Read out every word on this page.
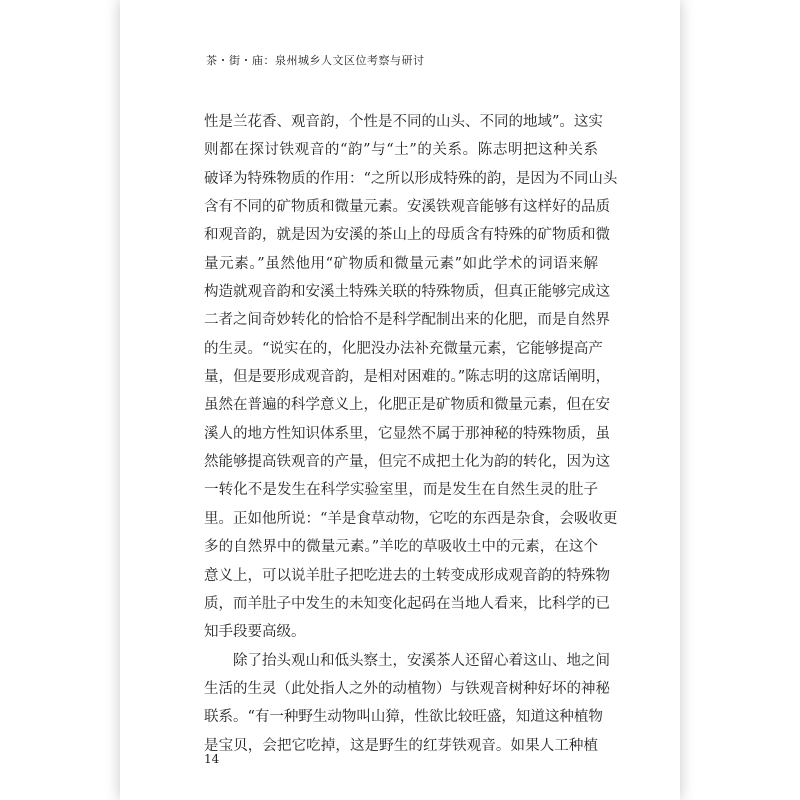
茶・街・庙：泉州城乡人文区位考察与研讨
性是兰花香、观音韵，个性是不同的山头、不同的地域”。这实
则都在探讨铁观音的“韵”与“土”的关系。陈志明把这种关系
破译为特殊物质的作用：“之所以形成特殊的韵，是因为不同山头
含有不同的矿物质和微量元素。安溪铁观音能够有这样好的品质
和观音韵，就是因为安溪的茶山上的母质含有特殊的矿物质和微
量元素。”虽然他用“矿物质和微量元素”如此学术的词语来解
构造就观音韵和安溪土特殊关联的特殊物质，但真正能够完成这
二者之间奇妙转化的恰恰不是科学配制出来的化肥，而是自然界
的生灵。“说实在的，化肥没办法补充微量元素，它能够提高产
量，但是要形成观音韵，是相对困难的。”陈志明的这席话阐明，
虽然在普遍的科学意义上，化肥正是矿物质和微量元素，但在安
溪人的地方性知识体系里，它显然不属于那神秘的特殊物质，虽
然能够提高铁观音的产量，但完不成把土化为韵的转化，因为这
一转化不是发生在科学实验室里，而是发生在自然生灵的肚子
里。正如他所说：“羊是食草动物，它吃的东西是杂食，会吸收更
多的自然界中的微量元素。”羊吃的草吸收土中的元素，在这个
意义上，可以说羊肚子把吃进去的土转变成形成观音韵的特殊物
质，而羊肚子中发生的未知变化起码在当地人看来，比科学的已
知手段要高级。
除了抬头观山和低头察土，安溪茶人还留心着这山、地之间
生活的生灵（此处指人之外的动植物）与铁观音树种好坏的神秘
联系。“有一种野生动物叫山獐，性欲比较旺盛，知道这种植物
是宝贝，会把它吃掉，这是野生的红芽铁观音。如果人工种植
14
